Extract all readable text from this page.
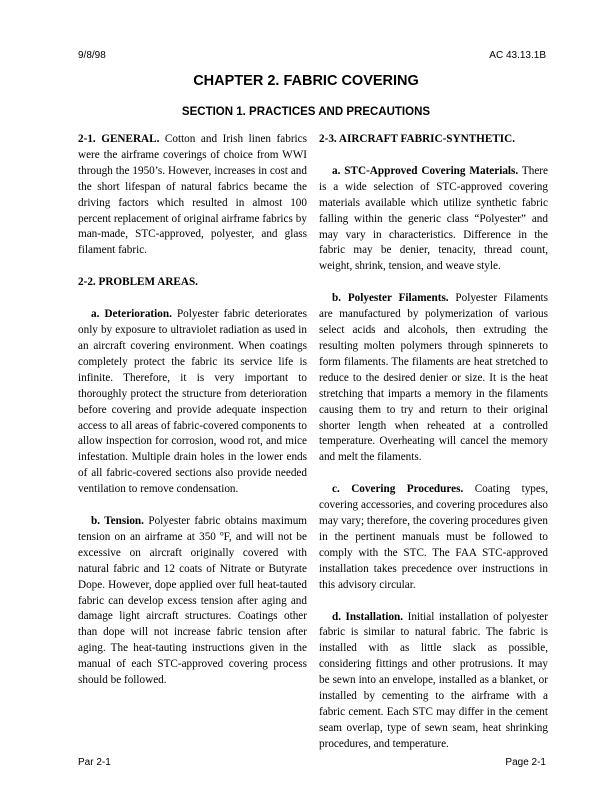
9/8/98	AC 43.13.1B
CHAPTER 2. FABRIC COVERING
SECTION 1. PRACTICES AND PRECAUTIONS

2-1. GENERAL. Cotton and Irish linen fabrics were the airframe coverings of choice from WWI through the 1950’s. However, increases in cost and the short lifespan of natural fabrics became the driving factors which resulted in almost 100 percent replacement of original airframe fabrics by man-made, STC-approved, polyester, and glass filament fabric.

2-2. PROBLEM AREAS.

a. Deterioration. Polyester fabric deteriorates only by exposure to ultraviolet radiation as used in an aircraft covering environment. When coatings completely protect the fabric its service life is infinite. Therefore, it is very important to thoroughly protect the structure from deterioration before covering and provide adequate inspection access to all areas of fabric-covered components to allow inspection for corrosion, wood rot, and mice infestation. Multiple drain holes in the lower ends of all fabric-covered sections also provide needed ventilation to remove condensation.

b. Tension. Polyester fabric obtains maximum tension on an airframe at 350 ºF, and will not be excessive on aircraft originally covered with natural fabric and 12 coats of Nitrate or Butyrate Dope. However, dope applied over full heat-tauted fabric can develop excess tension after aging and damage light aircraft structures. Coatings other than dope will not increase fabric tension after aging. The heat-tauting instructions given in the manual of each STC-approved covering process should be followed.

2-3. AIRCRAFT FABRIC-SYNTHETIC.

a. STC-Approved Covering Materials. There is a wide selection of STC-approved covering materials available which utilize synthetic fabric falling within the generic class “Polyester” and may vary in characteristics. Difference in the fabric may be denier, tenacity, thread count, weight, shrink, tension, and weave style.

b. Polyester Filaments. Polyester Filaments are manufactured by polymerization of various select acids and alcohols, then extruding the resulting molten polymers through spinnerets to form filaments. The filaments are heat stretched to reduce to the desired denier or size. It is the heat stretching that imparts a memory in the filaments causing them to try and return to their original shorter length when reheated at a controlled temperature. Overheating will cancel the memory and melt the filaments.

c. Covering Procedures. Coating types, covering accessories, and covering procedures also may vary; therefore, the covering procedures given in the pertinent manuals must be followed to comply with the STC. The FAA STC-approved installation takes precedence over instructions in this advisory circular.

d. Installation. Initial installation of polyester fabric is similar to natural fabric. The fabric is installed with as little slack as possible, considering fittings and other protrusions. It may be sewn into an envelope, installed as a blanket, or installed by cementing to the airframe with a fabric cement. Each STC may differ in the cement seam overlap, type of sewn seam, heat shrinking procedures, and temperature.

Par 2-1	Page 2-1
